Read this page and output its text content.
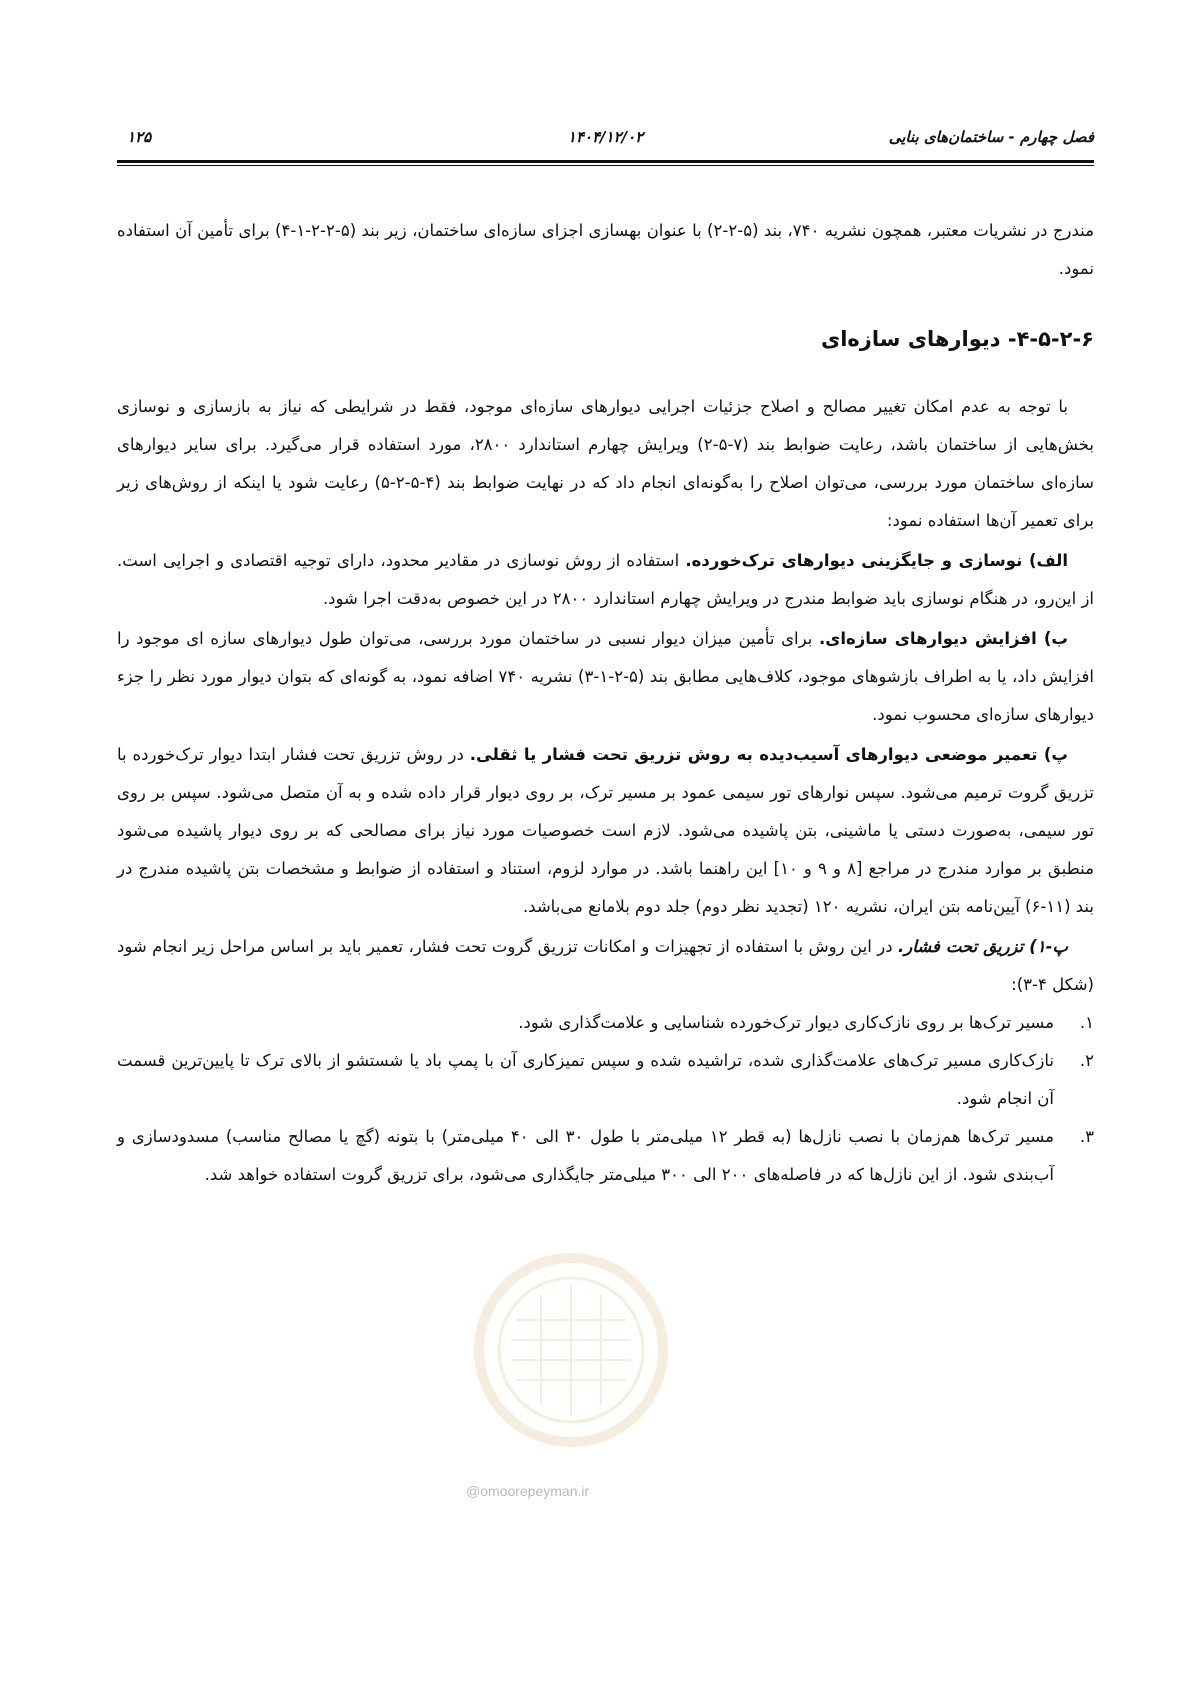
فصل چهارم - ساختمان‌های بنایی
۱۴۰۴/۱۲/۰۲
۱۲۵
@omoorepeyman.ir

مندرج در نشریات معتبر، همچون نشریه ۷۴۰، بند (۵-۲-۲) با عنوان بهسازی اجزای سازه‌ای ساختمان، زیر بند (۵-۲-۲-۱-۴) برای تأمین آن استفاده نمود.

۴-۵-۲-۶- دیوارهای سازه‌ای

با توجه به عدم امکان تغییر مصالح و اصلاح جزئیات اجرایی دیوارهای سازه‌ای موجود، فقط در شرایطی که نیاز به بازسازی و نوسازی بخش‌هایی از ساختمان باشد، رعایت ضوابط بند (۷-۵-۲) ویرایش چهارم استاندارد ۲۸۰۰، مورد استفاده قرار می‌گیرد. برای سایر دیوارهای سازه‌ای ساختمان مورد بررسی، می‌توان اصلاح را به‌گونه‌ای انجام داد که در نهایت ضوابط بند (۴-۵-۲-۵) رعایت شود یا اینکه از روش‌های زیر برای تعمیر آن‌ها استفاده نمود:

الف) نوسازی و جایگزینی دیوارهای ترک‌خورده. استفاده از روش نوسازی در مقادیر محدود، دارای توجیه اقتصادی و اجرایی است. از این‌رو، در هنگام نوسازی باید ضوابط مندرج در ویرایش چهارم استاندارد ۲۸۰۰ در این خصوص به‌دقت اجرا شود.

ب) افزایش دیوارهای سازه‌ای. برای تأمین میزان دیوار نسبی در ساختمان مورد بررسی، می‌توان طول دیوارهای سازه ای موجود را افزایش داد، یا به اطراف بازشوهای موجود، کلاف‌هایی مطابق بند (۵-۲-۱-۳) نشریه ۷۴۰ اضافه نمود، به گونه‌ای که بتوان دیوار مورد نظر را جزء دیوارهای سازه‌ای محسوب نمود.

پ) تعمیر موضعی دیوارهای آسیب‌دیده به روش تزریق تحت فشار یا ثقلی. در روش تزریق تحت فشار ابتدا دیوار ترک‌خورده با تزریق گروت ترمیم می‌شود. سپس نوارهای تور سیمی عمود بر مسیر ترک، بر روی دیوار قرار داده شده و به آن متصل می‌شود. سپس بر روی تور سیمی، به‌صورت دستی یا ماشینی، بتن پاشیده می‌شود. لازم است خصوصیات مورد نیاز برای مصالحی که بر روی دیوار پاشیده می‌شود منطبق بر موارد مندرج در مراجع [۸ و ۹ و ۱۰] این راهنما باشد. در موارد لزوم، استناد و استفاده از ضوابط و مشخصات بتن پاشیده مندرج در بند (۱۱-۶) آیین‌نامه بتن ایران، نشریه ۱۲۰ (تجدید نظر دوم) جلد دوم بلامانع می‌باشد.

پ-۱) تزریق تحت فشار. در این روش با استفاده از تجهیزات و امکانات تزریق گروت تحت فشار، تعمیر باید بر اساس مراحل زیر انجام شود (شکل ۴-۳):

۱.
مسیر ترک‌ها بر روی نازک‌کاری دیوار ترک‌خورده شناسایی و علامت‌گذاری شود.
۲.
نازک‌کاری مسیر ترک‌های علامت‌گذاری شده، تراشیده شده و سپس تمیزکاری آن با پمپ باد یا شستشو از بالای ترک تا پایین‌ترین قسمت آن انجام شود.
۳.
مسیر ترک‌ها هم‌زمان با نصب نازل‌ها (به قطر ۱۲ میلی‌متر با طول ۳۰ الی ۴۰ میلی‌متر) با بتونه (گچ یا مصالح مناسب) مسدودسازی و آب‌بندی شود. از این نازل‌ها که در فاصله‌های ۲۰۰ الی ۳۰۰ میلی‌متر جایگذاری می‌شود، برای تزریق گروت استفاده خواهد شد.
